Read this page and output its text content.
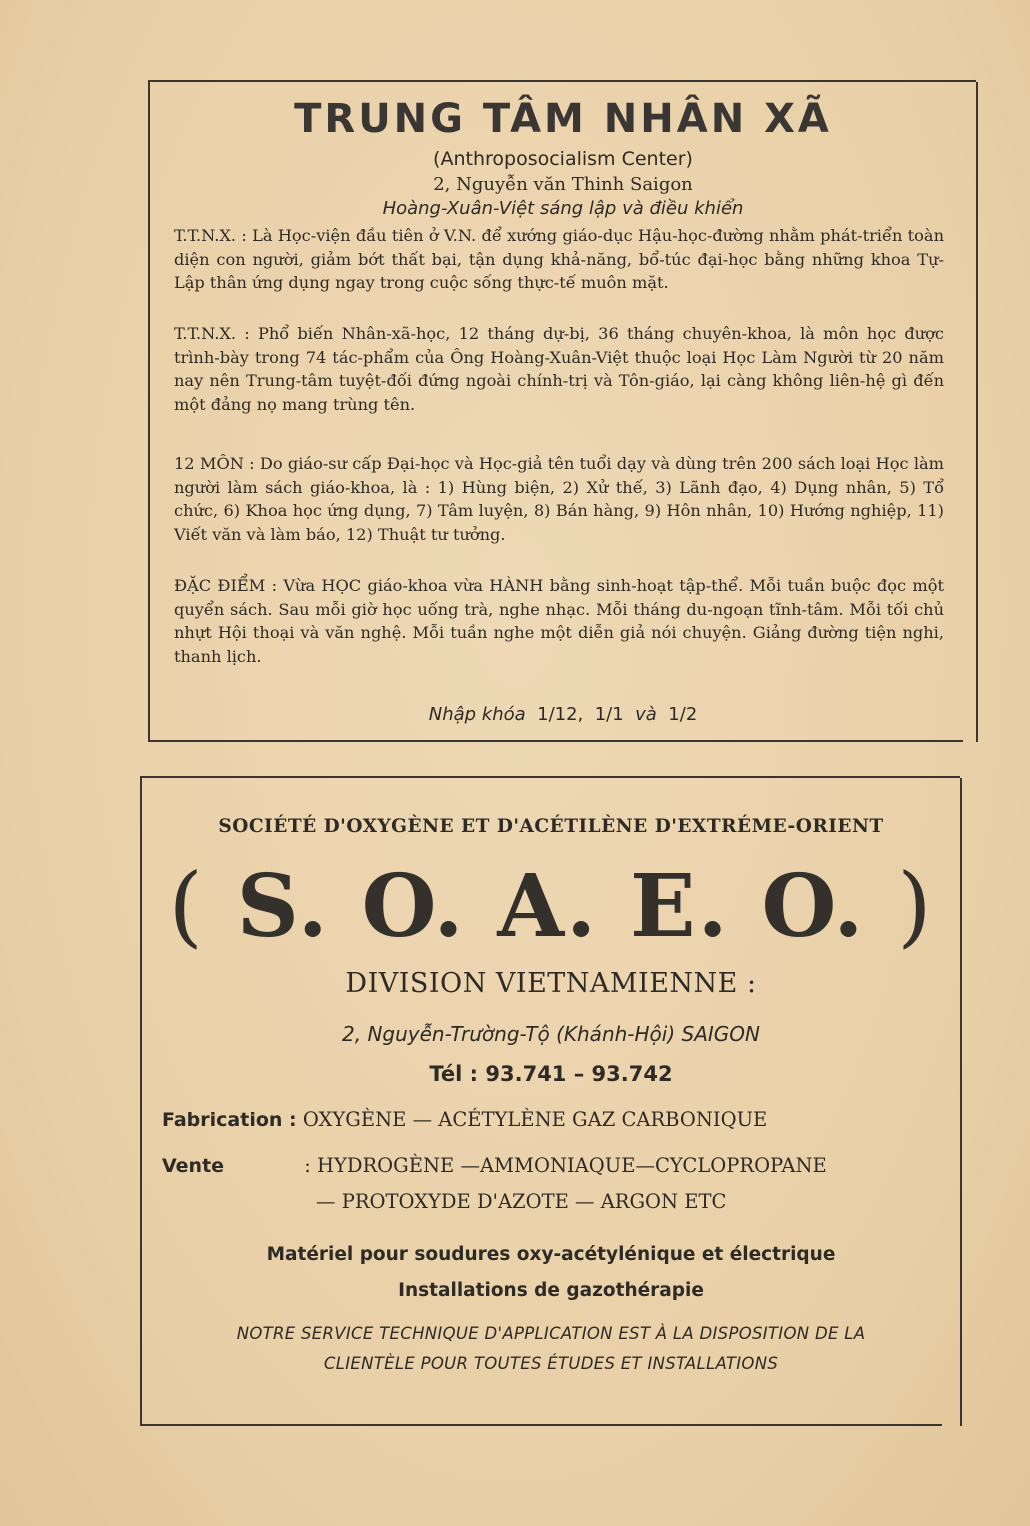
TRUNG TÂM NHÂN XÃ
(Anthroposocialism Center)
2, Nguyễn văn Thinh Saigon
Hoàng-Xuân-Việt sáng lập và điều khiển
T.T.N.X. : Là Học-viện đầu tiên ở V.N. để xướng giáo-dục Hậu-học-đường nhằm phát-triển toàn diện con người, giảm bớt thất bại, tận dụng khả-năng, bổ-túc đại-học bằng những khoa Tự-Lập thân ứng dụng ngay trong cuộc sống thực-tế muôn mặt.
T.T.N.X. : Phổ biến Nhân-xã-học, 12 tháng dự-bị, 36 tháng chuyên-khoa, là môn học được trình-bày trong 74 tác-phẩm của Ông Hoàng-Xuân-Việt thuộc loại Học Làm Người từ 20 năm nay nên Trung-tâm tuyệt-đối đứng ngoài chính-trị và Tôn-giáo, lại càng không liên-hệ gì đến một đảng nọ mang trùng tên.
12 MÔN : Do giáo-sư cấp Đại-học và Học-giả tên tuổi dạy và dùng trên 200 sách loại Học làm người làm sách giáo-khoa, là : 1) Hùng biện, 2) Xử thế, 3) Lãnh đạo, 4) Dụng nhân, 5) Tổ chức, 6) Khoa học ứng dụng, 7) Tâm luyện, 8) Bán hàng, 9) Hôn nhân, 10) Hướng nghiệp, 11) Viết văn và làm báo, 12) Thuật tư tưởng.
ĐẶC ĐIỂM : Vừa HỌC giáo-khoa vừa HÀNH bằng sinh-hoạt tập-thể. Mỗi tuần buộc đọc một quyển sách. Sau mỗi giờ học uống trà, nghe nhạc. Mỗi tháng du-ngoạn tĩnh-tâm. Mỗi tối chủ nhựt Hội thoại và văn nghệ. Mỗi tuần nghe một diễn giả nói chuyện. Giảng đường tiện nghi, thanh lịch.
Nhập khóa 1/12, 1/1 và 1/2
SOCIÉTÉ D'OXYGÈNE ET D'ACÉTILÈNE D'EXTRÉME-ORIENT
( S. O. A. E. O. )
DIVISION VIETNAMIENNE :
2, Nguyễn-Trường-Tộ (Khánh-Hội) SAIGON
Tél : 93.741 – 93.742
Fabrication : OXYGÈNE — ACÉTYLÈNE GAZ CARBONIQUE
Vente	: HYDROGÈNE —AMMONIAQUE—CYCLOPROPANE
— PROTOXYDE D'AZOTE — ARGON ETC
Matériel pour soudures oxy-acétylénique et électrique
Installations de gazothérapie
NOTRE SERVICE TECHNIQUE D'APPLICATION EST À LA DISPOSITION DE LA
CLIENTÈLE POUR TOUTES ÉTUDES ET INSTALLATIONS
